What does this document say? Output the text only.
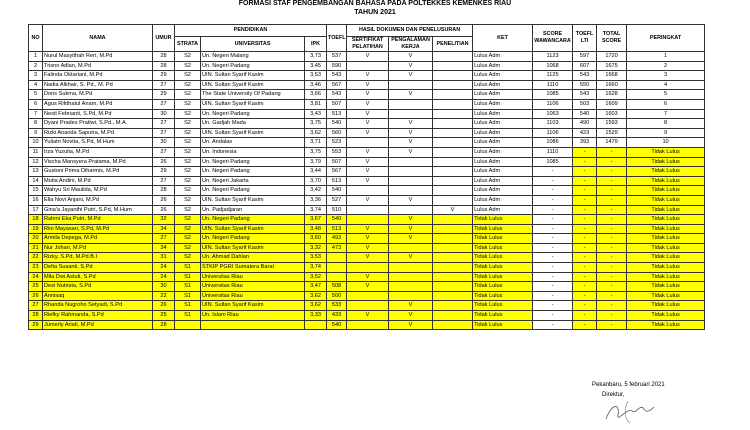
FORMASI STAF PENGEMBANGAN BAHASA PADA POLTEKKES KEMENKES RIAU
TAHUN 2021
NO	NAMA	UMUR	PENDIDIKAN			TOEFL	HASIL DOKUMEN DAN PENELUSURAN			KET	SCORE WAWANCARA	TOEFL LTI	TOTAL SCORE	PERINGKAT
			STRATA	UNIVERSITAS	IPK		SERTIFIKAT PELATIHAN	PENGALAMAN KERJA	PENELITIAN					
1	Nurul Masyithah Reri, M.Pd	28	S2	Un. Negeri Malang	3,73	537	V	V		Lulus Adm	1123	597	1720	1
2	Trisno Adlan, M.Pd	28	S2	Un. Negeri Padang	3,45	590		V		Lulus Adm	1068	607	1675	2
3	Falinda Oktariani, M.Pd	29	S2	UIN. Sultan Syarif Kasim	3,53	543	V	V		Lulus Adm	1125	543	1668	3
4	Nadia Alkhair, S. Pd., M. Pd	27	S2	UIN. Sultan Syarif Kasim	3,46	567	V			Lulus Adm	1110	550	1660	4
5	Doris Sukma, M.Pd	29	S2	The State University Of Padang	3,66	543	V	V		Lulus Adm	1085	543	1628	5
6	Agus Rifdhatul Anam, M.Pd	27	S2	UIN. Sultan Syarif Kasim	3,81	507	V			Lulus Adm	1106	503	1609	6
7	Nesti Febrianti, S.Pd, M.Pd	30	S2	Un. Negeri Padang	3,43	513	V			Lulus Adm	1063	540	1603	7
8	Dyani Prades Pratiwi, S.Pd., M.A.	27	S2	Un. Gadjah Mada	3,75	540	V	V		Lulus Adm	1103	490	1593	8
9	Rizki Ananda Saputra, M.Pd	27	S2	UIN. Sultan Syarif Kasim	3,62	560	V	V		Lulus Adm	1106	423	1529	9
10	Yuliatri Novita, S.Pd, M.Hum	30	S2	Un. Andalas	3,71	523		V		Lulus Adm	1086	393	1479	10
11	Irza Yuzulia, M.Pd	27	S2	Un. Indonesia	3,75	553	V	V		Lulus Adm	1110	-	-	Tidak Lulus
12	Vischa Mansyera Pratama, M.Pd	26	S2	Un. Negeri Padang	3,79	507	V			Lulus Adm	1085	-	-	Tidak Lulus
13	Gustoni Prima Diharmis, M.Pd	29	S2	Un. Negeri Padang	3,44	567	V			Lulus Adm	-	-	-	Tidak Lulus
14	Mutia Andini, M.Pd	27	S2	Un. Negeri Jakarta	3,70	513	V			Lulus Adm	-	-	-	Tidak Lulus
15	Wahyu Sri Maulida, M.Pd	28	S2	Un. Negeri Padang	3,42	540				Lulus Adm	-	-	-	Tidak Lulus
16	Ella Novi Anjani, M.Pd	26	S2	UIN. Sultan Syarif Kasim	3,36	527	V	V		Lulus Adm	-	-	-	Tidak Lulus
17	Gina'a Jayanthi Putri, S.Pd, M.Hum	26	S2	Un. Padjadjaran	3,74	510			V	Lulus Adm	-	-	-	Tidak Lulus
18	Rahmi Eka Putri, M.Pd	32	S2	Un. Negeri Padang	3,67	540		V		Tidak Lulus	-	-	-	Tidak Lulus
19	Rini Mayasari, S.Pd, M.Pd	34	S2	UIN. Sultan Syarif Kasim	3,48	513	V	V		Tidak Lulus	-	-	-	Tidak Lulus
20	Armila Depega, M.Pd	27	S2	Un. Negeri Padang	3,60	493	V	V		Tidak Lulus	-	-	-	Tidak Lulus
21	Nur Johari, M.Pd	34	S2	UIN. Sultan Syarif Kasim	3,32	473	V			Tidak Lulus	-	-	-	Tidak Lulus
22	Rizky, S.Pd, M.Pd.B.I	31	S2	Un. Ahmad Dahlan	3,53		V	V		Tidak Lulus	-	-	-	Tidak Lulus
23	Defia Susanti, S.Pd	24	S1	STKIP PGRI Sumatera Barat	3,74					Tidak Lulus	-	-	-	Tidak Lulus
24	Mila Dwi Astuti, S.Pd	24	S1	Universitas Riau	3,52		V			Tidak Lulus	-	-	-	Tidak Lulus
25	Desi Nutrista, S.Pd	30	S1	Universitas Riau	3,47	508	V			Tidak Lulus	-	-	-	Tidak Lulus
26	Annisaq	22	S1	Universitas Riau	3,62	500				Tidak Lulus	-	-	-	Tidak Lulus
27	Rhanda Nugroho Setyadi, S.Pd	26	S1	UIN. Sultan Syarif Kasim	3,62	533		V		Tidak Lulus	-	-	-	Tidak Lulus
28	Riefky Rahmanda, S.Pd	25	S1	Un. Islam Riau	3,33	433	V	V		Tidak Lulus	-	-	-	Tidak Lulus
29	Jumerly Ariati, M.Pd	28				540		V		Tidak Lulus	-	-	-	Tidak Lulus
Pekanbaru, 5 februari 2021
Direktur,
